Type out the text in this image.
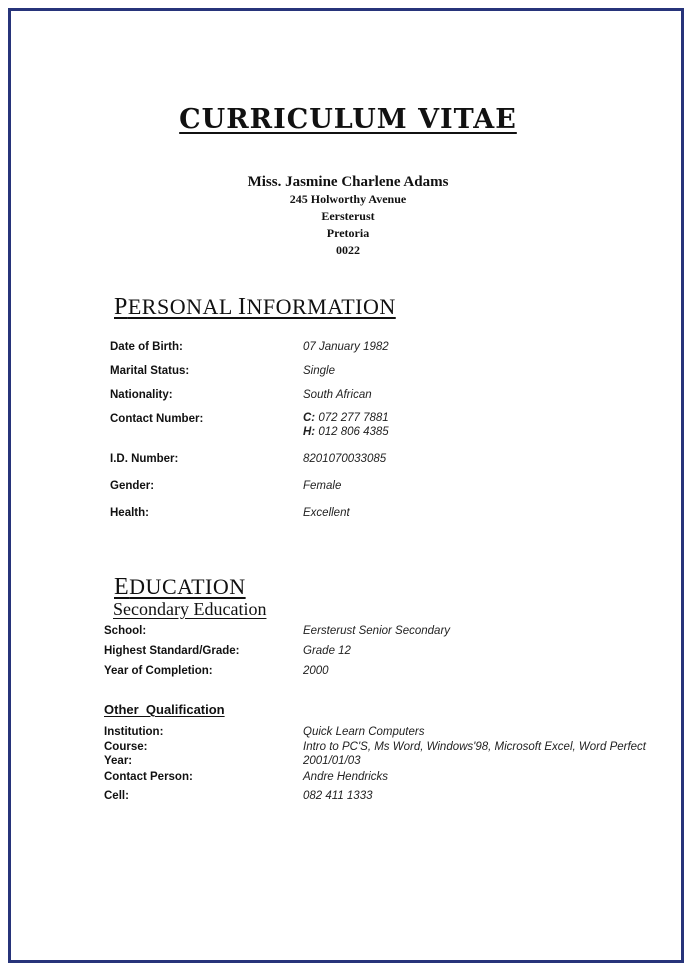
CURRICULUM VITAE
Miss. Jasmine Charlene Adams
245 Holworthy Avenue
Eersterust
Pretoria
0022
PERSONAL INFORMATION
Date of Birth:	07 January 1982
Marital Status:	Single
Nationality:	South African
Contact Number:	C: 072 277 7881
H: 012 806 4385
I.D. Number:	8201070033085
Gender:	Female
Health:	Excellent
EDUCATION
Secondary Education
School:	Eersterust Senior Secondary
Highest Standard/Grade:	Grade 12
Year of Completion:	2000
Other  Qualification
Institution:	Quick Learn Computers
Course:	Intro to PC'S, Ms Word, Windows'98, Microsoft Excel, Word Perfect
Year:	2001/01/03
Contact Person:	Andre Hendricks
Cell:	082 411 1333
